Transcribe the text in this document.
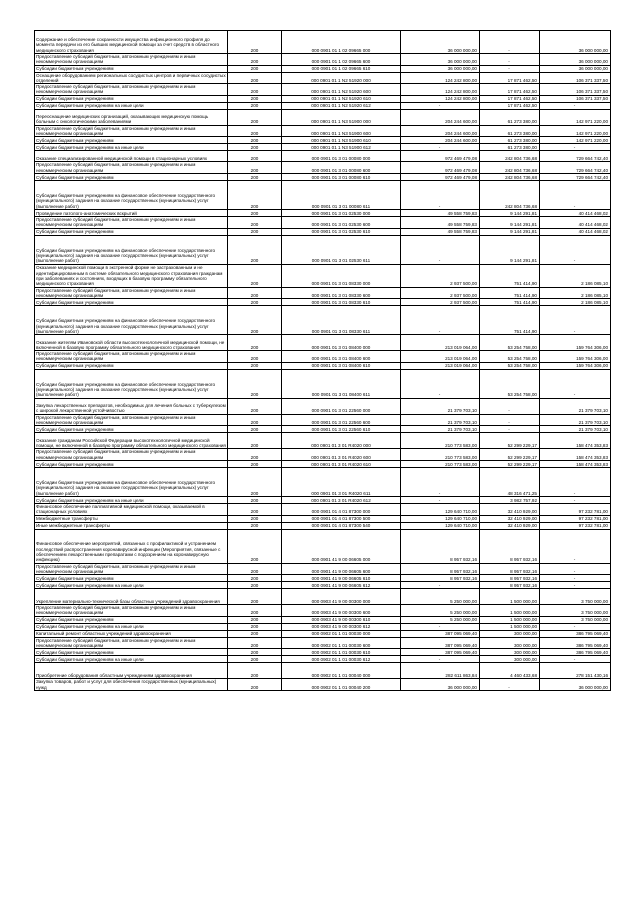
Содержание и обеспечение сохранности имущества инфекционного профиля до момента передачи из его бывших медицинской помощи за счет средств в областного медицинского страхования	200	000 0901 01 1 02 09665 000	36 000 000,00	-	36 000 000,00
Предоставление субсидий бюджетным, автономным учреждениям и иным некоммерческим организациям	200	000 0901 01 1 02 09665 600	36 000 000,00	-	36 000 000,00
Субсидии бюджетным учреждениям	200	000 0901 01 1 02 09665 610	36 000 000,00	-	36 000 000,00
Оснащение оборудованием региональных сосудистых центров и первичных сосудистых отделений	200	000 0901 01 1 N2 51920 000	124 242 800,00	17 871 462,50	106 371 337,50
Предоставление субсидий бюджетным, автономным учреждениям и иным некоммерческим организациям	200	000 0901 01 1 N2 51920 600	124 242 800,00	17 871 462,50	106 371 337,50
Субсидии бюджетным учреждениям	200	000 0901 01 1 N2 51920 610	124 242 800,00	17 871 462,50	106 371 337,50
Субсидии бюджетным учреждениям на иные цели	200	000 0901 01 1 N2 51920 612	-	17 871 462,50	-
Переоснащение медицинских организаций, оказывающих медицинскую помощь больным с онкологическими заболеваниями	200	000 0901 01 1 N3 51900 000	204 244 600,00	61 273 380,00	142 971 220,00
Предоставление субсидий бюджетным, автономным учреждениям и иным некоммерческим организациям	200	000 0901 01 1 N3 51900 600	204 244 600,00	61 273 380,00	142 971 220,00
Субсидии бюджетным учреждениям	200	000 0901 01 1 N3 51900 610	204 244 600,00	61 273 380,00	142 971 220,00
Субсидии бюджетным учреждениям на иные цели	200	000 0901 01 1 N3 51900 612	-	61 273 380,00	-
Оказание специализированной медицинской помощи в стационарных условиях	200	000 0901 01 3 01 00080 000	972 469 479,08	242 804 736,68	729 664 742,40
Предоставление субсидий бюджетным, автономным учреждениям и иным некоммерческим организациям	200	000 0901 01 3 01 00080 600	972 469 479,08	242 804 736,68	729 664 742,40
Субсидии бюджетным учреждениям	200	000 0901 01 3 01 00080 610	972 469 479,08	242 804 736,68	729 664 742,40
Субсидии бюджетным учреждениям на финансовое обеспечение государственного (муниципального) задания на оказание государственных (муниципальных) услуг (выполнение работ)	200	000 0901 01 3 01 00080 611	-	242 804 736,68	-
Проведение патолого-анатомических вскрытий	200	000 0901 01 3 01 02530 000	49 558 759,83	9 144 291,81	40 414 468,02
Предоставление субсидий бюджетным, автономным учреждениям и иным некоммерческим организациям	200	000 0901 01 3 01 02530 600	49 558 759,83	9 144 291,81	40 414 468,02
Субсидии бюджетным учреждениям	200	000 0901 01 3 01 02530 610	49 558 759,83	9 144 291,81	40 414 468,02
Субсидии бюджетным учреждениям на финансовое обеспечение государственного (муниципального) задания на оказание государственных (муниципальных) услуг (выполнение работ)	200	000 0901 01 3 01 02530 611	-	9 144 291,81	-
Оказание медицинской помощи в экстренной форме не застрахованным и не идентифицированным в системе обязательного медицинского страхования гражданам при заболеваниях и состояниях, входящих в базовую программу обязательного медицинского страхования	200	000 0901 01 3 01 08330 000	2 937 500,00	751 414,90	2 186 085,10
Предоставление субсидий бюджетным, автономным учреждениям и иным некоммерческим организациям	200	000 0901 01 3 01 08330 600	2 937 500,00	751 414,90	2 186 085,10
Субсидии бюджетным учреждениям	200	000 0901 01 3 01 08330 610	2 937 500,00	751 414,90	2 186 085,10
Субсидии бюджетным учреждениям на финансовое обеспечение государственного (муниципального) задания на оказание государственных (муниципальных) услуг (выполнение работ)	200	000 0901 01 3 01 08330 611	-	751 414,90	-
Оказание жителям Ивановской области высокотехнологичной медицинской помощи, не включенной в базовую программу обязательного медицинского страхования	200	000 0901 01 3 01 08400 000	213 019 064,00	53 254 758,00	159 764 306,00
Предоставление субсидий бюджетным, автономным учреждениям и иным некоммерческим организациям	200	000 0901 01 3 01 08400 600	213 019 064,00	53 254 758,00	159 764 306,00
Субсидии бюджетным учреждениям	200	000 0901 01 3 01 08400 610	213 019 064,00	53 254 758,00	159 764 306,00
Субсидии бюджетным учреждениям на финансовое обеспечение государственного (муниципального) задания на оказание государственных (муниципальных) услуг (выполнение работ)	200	000 0901 01 3 01 08400 611	-	53 254 758,00	-
Закупка лекарственных препаратов, необходимых для лечения больных с туберкулезом с широкой лекарственной устойчивостью	200	000 0901 01 3 01 22560 000	21 379 703,10	-	21 379 703,10
Предоставление субсидий бюджетным, автономным учреждениям и иным некоммерческим организациям	200	000 0901 01 3 01 22560 600	21 379 703,10	-	21 379 703,10
Субсидии бюджетным учреждениям	200	000 0901 01 3 01 22560 610	21 379 703,10	-	21 379 703,10
Оказание гражданам Российской Федерации высокотехнологичной медицинской помощи, не включенной в базовую программу обязательного медицинского страхования	200	000 0901 01 3 01 R4020 000	210 773 583,00	52 299 229,17	158 474 353,83
Предоставление субсидий бюджетным, автономным учреждениям и иным некоммерческим организациям	200	000 0901 01 3 01 R4020 600	210 773 583,00	52 299 229,17	158 474 353,83
Субсидии бюджетным учреждениям	200	000 0901 01 3 01 R4020 610	210 773 583,00	52 299 229,17	158 474 353,83
Субсидии бюджетным учреждениям на финансовое обеспечение государственного (муниципального) задания на оказание государственных (муниципальных) услуг (выполнение работ)	200	000 0901 01 3 01 R4020 611	-	48 316 471,25	-
Субсидии бюджетным учреждениям на иные цели	200	000 0901 01 3 01 R4020 612	-	3 982 757,92	-
Финансовое обеспечение паллиативной медицинской помощи, оказываемой в стационарных условиях	200	000 0901 01 4 01 87300 000	129 640 710,00	32 410 929,00	97 232 781,00
Межбюджетные трансферты	200	000 0901 01 4 01 87300 500	129 640 710,00	32 410 929,00	97 232 781,00
Иные межбюджетные трансферты	200	000 0901 01 4 01 87300 540	129 640 710,00	32 410 929,00	97 232 781,00
Финансовое обеспечение мероприятий, связанных с профилактикой и устранением последствий распространения коронавирусной инфекции (Мероприятия, связанные с обеспечением лекарственными препаратами с подозрением на коронавирусную инфекцию)	200	000 0901 41 9 00 06605 000	8 957 932,16	8 957 932,16	-
Предоставление субсидий бюджетным, автономным учреждениям и иным некоммерческим организациям	200	000 0901 41 9 00 06605 600	8 957 932,16	8 957 932,16	-
Субсидии бюджетным учреждениям	200	000 0901 41 9 00 06605 610	8 957 932,16	8 957 932,16	-
Субсидии бюджетным учреждениям на иные цели	200	000 0901 41 9 00 06605 612	-	8 957 932,16	-
Укрепление материально-технической базы областных учреждений здравоохранения	200	000 0903 41 9 00 00300 000	5 250 000,00	1 500 000,00	3 750 000,00
Предоставление субсидий бюджетным, автономным учреждениям и иным некоммерческим организациям	200	000 0903 41 9 00 00300 600	5 250 000,00	1 500 000,00	3 750 000,00
Субсидии бюджетным учреждениям	200	000 0903 41 9 00 00300 610	5 250 000,00	1 500 000,00	3 750 000,00
Субсидии бюджетным учреждениям на иные цели	200	000 0903 41 9 00 00300 612	-	1 500 000,00	-
Капитальный ремонт областных учреждений здравоохранения	200	000 0902 01 1 01 00030 000	387 095 069,40	300 000,00	386 795 069,40
Предоставление субсидий бюджетным, автономным учреждениям и иным некоммерческим организациям	200	000 0902 01 1 01 00030 600	387 095 069,40	300 000,00	386 795 069,40
Субсидии бюджетным учреждениям	200	000 0902 01 1 01 00030 610	387 095 069,40	300 000,00	386 795 069,40
Субсидии бюджетным учреждениям на иные цели	200	000 0902 01 1 01 00030 612	-	300 000,00	-
Приобретение оборудования областным учреждениям здравоохранения	200	000 0902 01 1 01 00040 000	282 611 863,84	4 460 433,68	278 151 430,16
Закупка товаров, работ и услуг для обеспечения государственных (муниципальных) нужд	200	000 0902 01 1 01 00040 200	36 000 000,00	-	36 000 000,00
